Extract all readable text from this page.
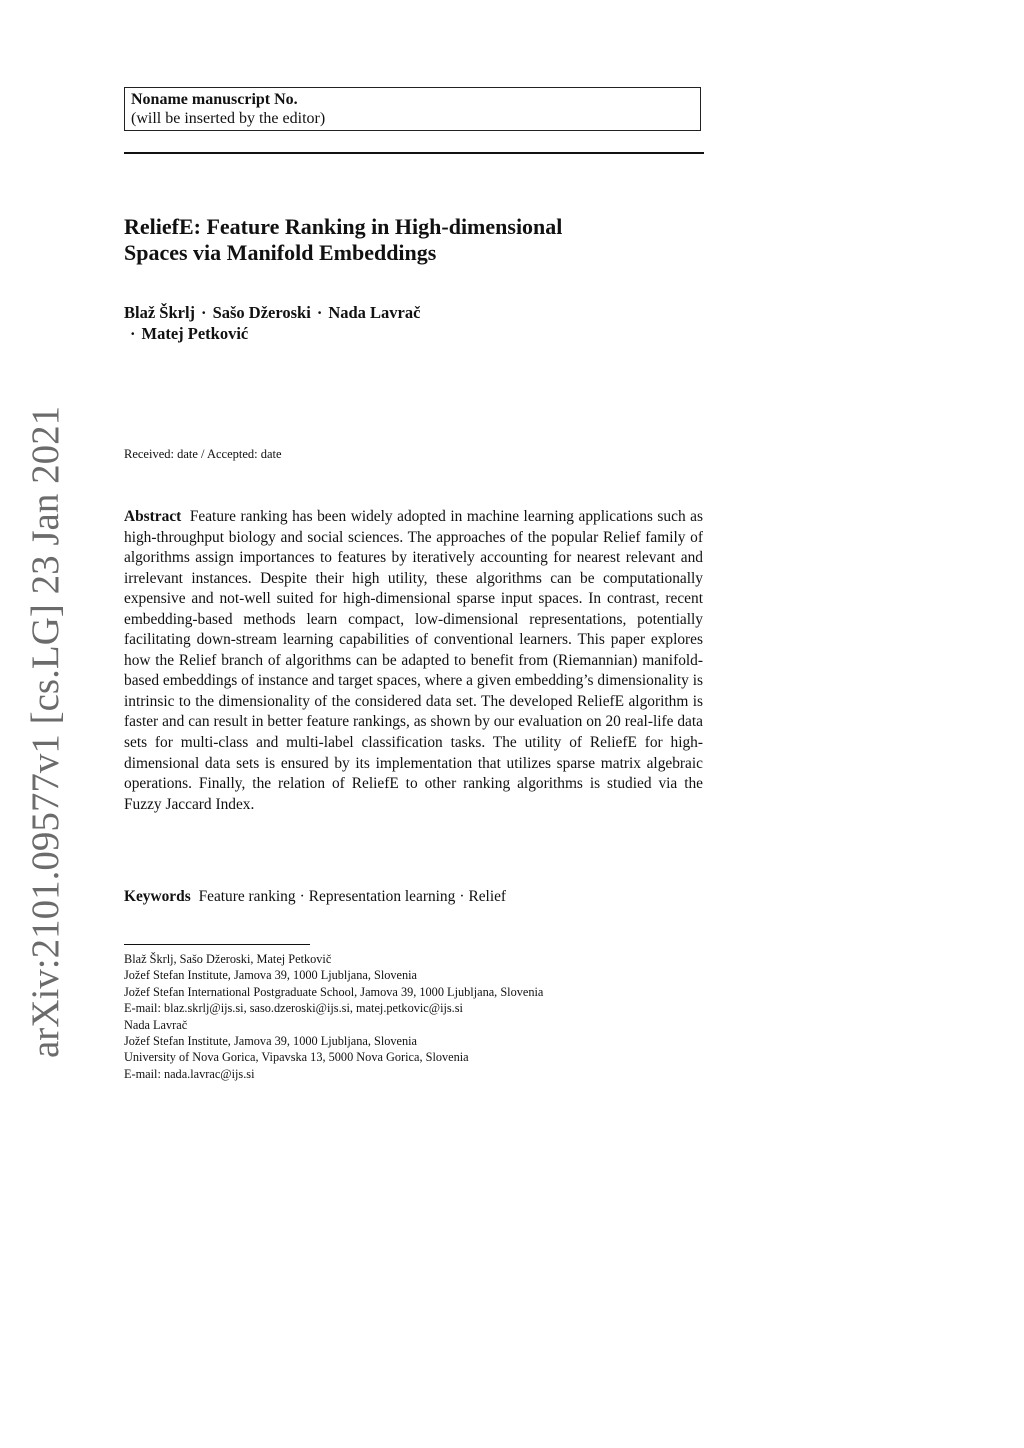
arXiv:2101.09577v1 [cs.LG] 23 Jan 2021
Noname manuscript No.
(will be inserted by the editor)
ReliefE: Feature Ranking in High-dimensional
Spaces via Manifold Embeddings
Blaž Škrlj · Sašo Džeroski · Nada Lavrač
· Matej Petković
Received: date / Accepted: date

Abstract Feature ranking has been widely adopted in machine learning applications such as high-throughput biology and social sciences. The approaches of the popular Relief family of algorithms assign importances to features by iteratively accounting for nearest relevant and irrelevant instances. Despite their high utility, these algorithms can be computationally expensive and not-well suited for high-dimensional sparse input spaces. In contrast, recent embedding-based methods learn compact, low-dimensional representations, potentially facilitating down-stream learning capabilities of conventional learners. This paper explores how the Relief branch of algorithms can be adapted to benefit from (Riemannian) manifold-based embeddings of instance and target spaces, where a given embedding’s dimensionality is intrinsic to the dimensionality of the considered data set. The developed ReliefE algorithm is faster and can result in better feature rankings, as shown by our evaluation on 20 real-life data sets for multi-class and multi-label classification tasks. The utility of ReliefE for high-dimensional data sets is ensured by its implementation that utilizes sparse matrix algebraic operations. Finally, the relation of ReliefE to other ranking algorithms is studied via the Fuzzy Jaccard Index.

Keywords Feature ranking · Representation learning · Relief
Blaž Škrlj, Sašo Džeroski, Matej Petkovič
Jožef Stefan Institute, Jamova 39, 1000 Ljubljana, Slovenia
Jožef Stefan International Postgraduate School, Jamova 39, 1000 Ljubljana, Slovenia
E-mail: blaz.skrlj@ijs.si, saso.dzeroski@ijs.si, matej.petkovic@ijs.si
Nada Lavrač
Jožef Stefan Institute, Jamova 39, 1000 Ljubljana, Slovenia
University of Nova Gorica, Vipavska 13, 5000 Nova Gorica, Slovenia
E-mail: nada.lavrac@ijs.si
